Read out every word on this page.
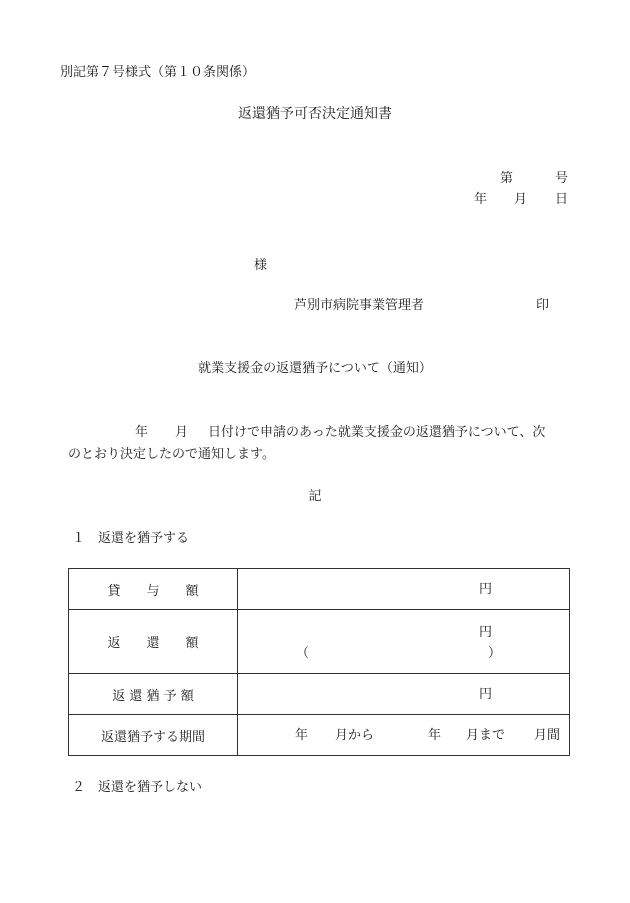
別記第７号様式（第１０条関係）
返還猶予可否決定通知書
第	号
年 月 日
様
芦別市病院事業管理者	印
就業支援金の返還猶予について（通知）
年 月 日付けで申請のあった就業支援金の返還猶予について、次
のとおり決定したので通知します。
記
１　返還を猶予する
貸　　与　　額	円

返　　還　　額	円
（ ）

返 還 猶 予 額	円

返還猶予する期間	年 月から 年 月まで 月間
２　返還を猶予しない
